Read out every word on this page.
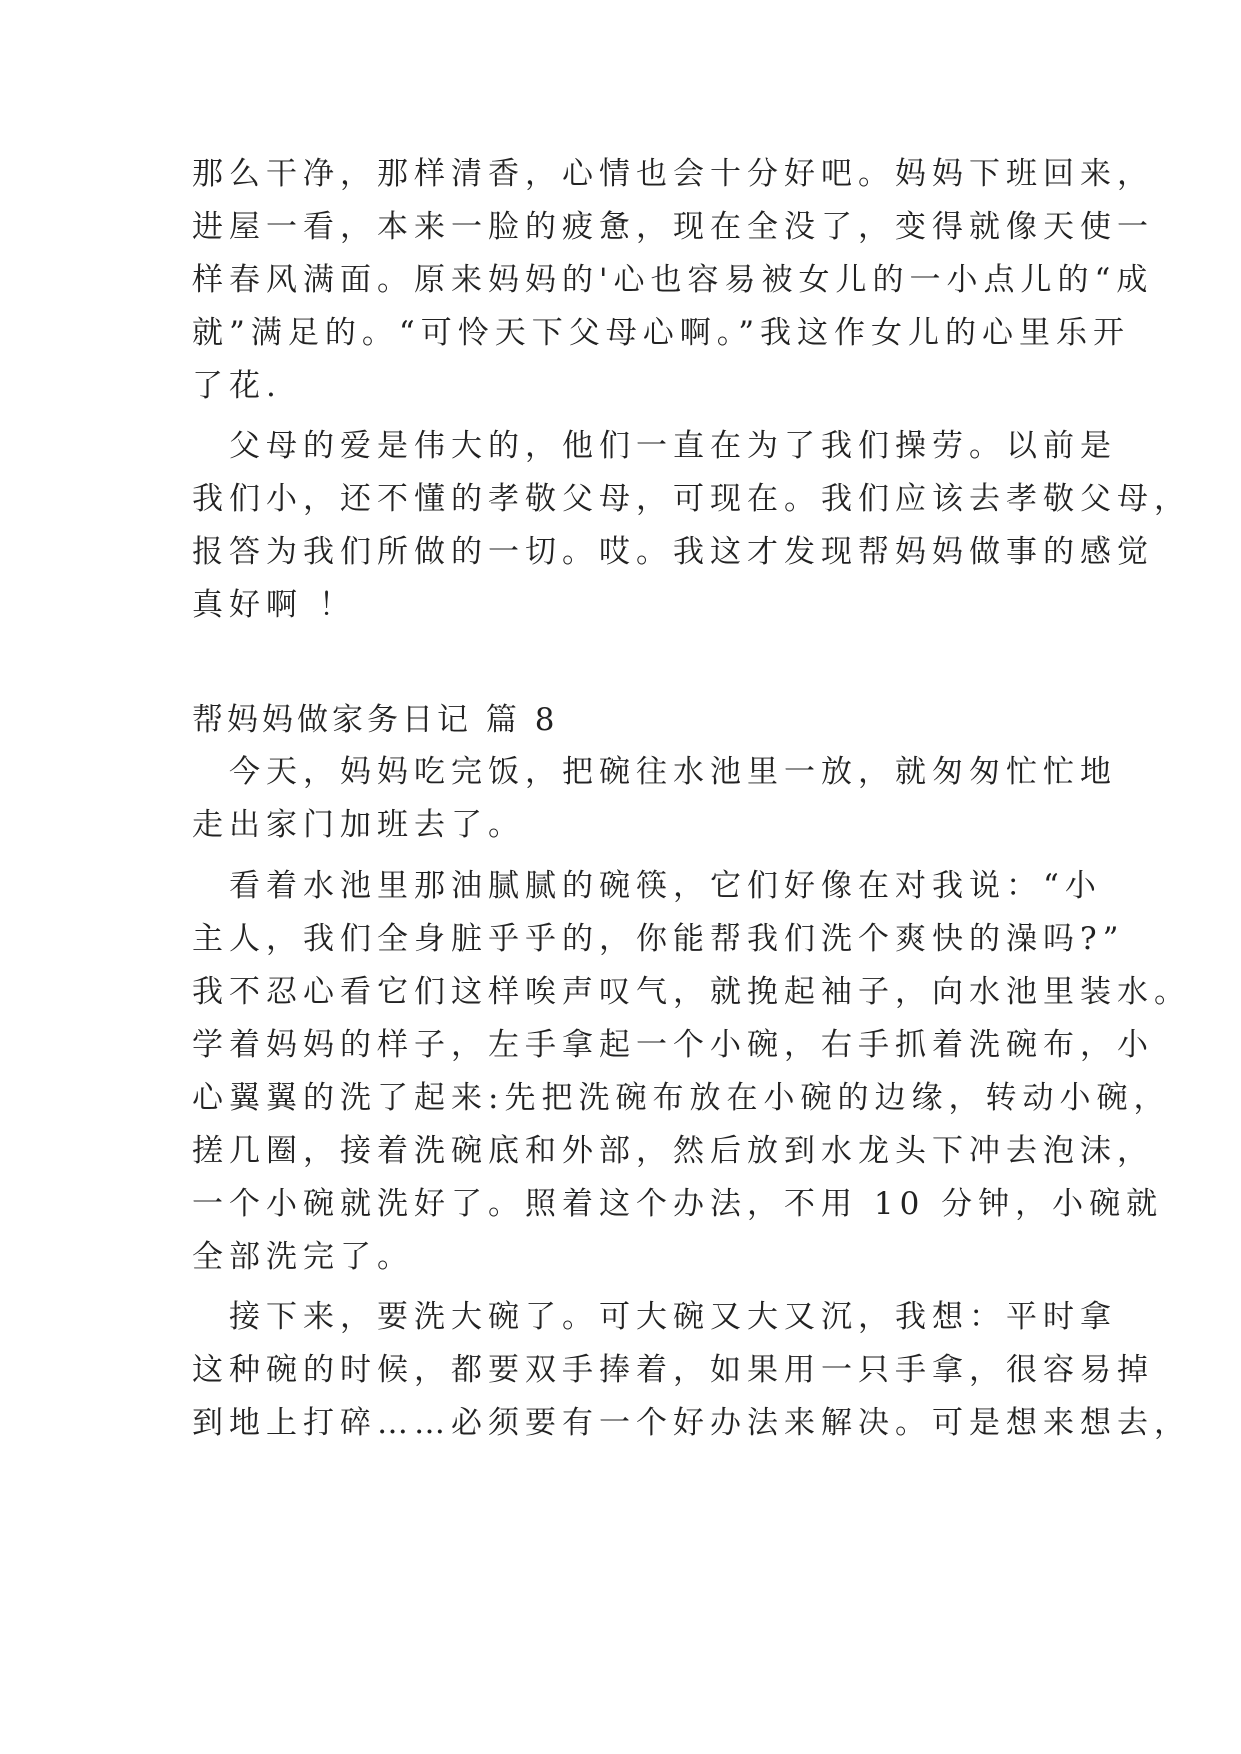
那么干净，那样清香，心情也会十分好吧。妈妈下班回来，
进屋一看，本来一脸的疲惫，现在全没了，变得就像天使一
样春风满面。原来妈妈的'心也容易被女儿的一小点儿的“成
就”满足的。“可怜天下父母心啊。”我这作女儿的心里乐开
了花.
　父母的爱是伟大的，他们一直在为了我们操劳。以前是
我们小，还不懂的孝敬父母，可现在。我们应该去孝敬父母，
报答为我们所做的一切。哎。我这才发现帮妈妈做事的感觉
真好啊 ！
帮妈妈做家务日记 篇 8
　今天，妈妈吃完饭，把碗往水池里一放，就匆匆忙忙地
走出家门加班去了。
　看着水池里那油腻腻的碗筷，它们好像在对我说：“小
主人，我们全身脏乎乎的，你能帮我们洗个爽快的澡吗?”
我不忍心看它们这样唉声叹气，就挽起袖子，向水池里装水。
学着妈妈的样子，左手拿起一个小碗，右手抓着洗碗布，小
心翼翼的洗了起来:先把洗碗布放在小碗的边缘，转动小碗，
搓几圈，接着洗碗底和外部，然后放到水龙头下冲去泡沫，
一个小碗就洗好了。照着这个办法，不用 10 分钟，小碗就
全部洗完了。
　接下来，要洗大碗了。可大碗又大又沉，我想：平时拿
这种碗的时候，都要双手捧着，如果用一只手拿，很容易掉
到地上打碎……必须要有一个好办法来解决。可是想来想去，
